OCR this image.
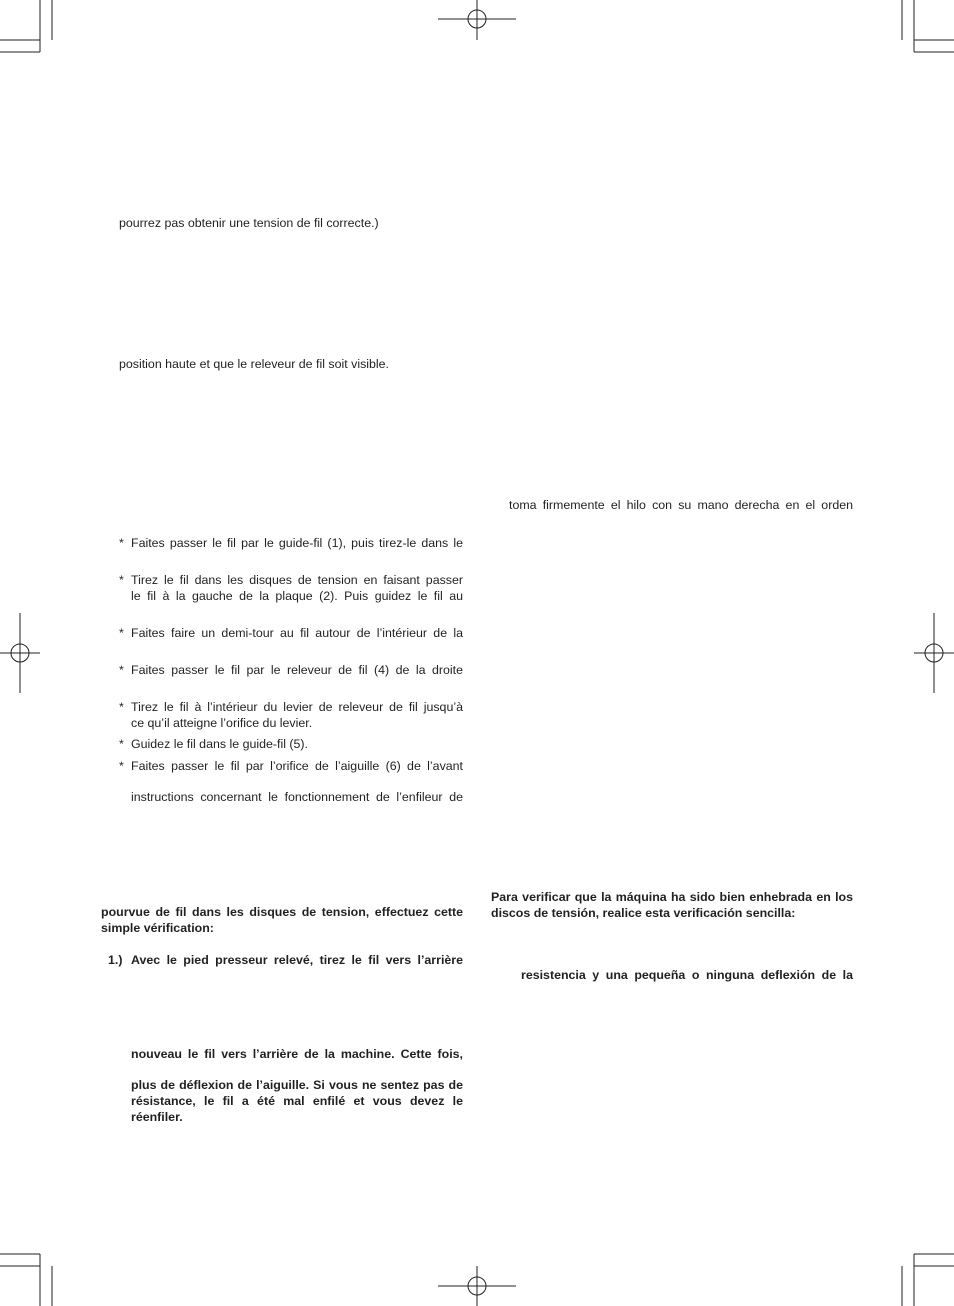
pourrez pas obtenir une tension de fil correcte.)
position haute et que le releveur de fil soit visible.
* Faites passer le fil par le guide-fil (1), puis tirez-le dans le
* Tirez le fil dans les disques de tension en faisant passer
le fil à la gauche de la plaque (2). Puis guidez le fil au
* Faites faire un demi-tour au fil autour de l’intérieur de la
* Faites passer le fil par le releveur de fil (4) de la droite
* Tirez le fil à l’intérieur du levier de releveur de fil jusqu’à
ce qu’il atteigne l’orifice du levier.
* Guidez le fil dans le guide-fil (5).
* Faites passer le fil par l’orifice de l’aiguille (6) de l’avant
instructions concernant le fonctionnement de l’enfileur de
pourvue de fil dans les disques de tension, effectuez cette simple vérification:
1.) Avec le pied presseur relevé, tirez le fil vers l’arrière
nouveau le fil vers l’arrière de la machine. Cette fois,
plus de déflexion de l’aiguille. Si vous ne sentez pas de résistance, le fil a été mal enfilé et vous devez le réenfiler.
toma firmemente el hilo con su mano derecha en el orden
Para verificar que la máquina ha sido bien enhebrada en los discos de tensión, realice esta verificación sencilla:
resistencia y una pequeña o ninguna deflexión de la
